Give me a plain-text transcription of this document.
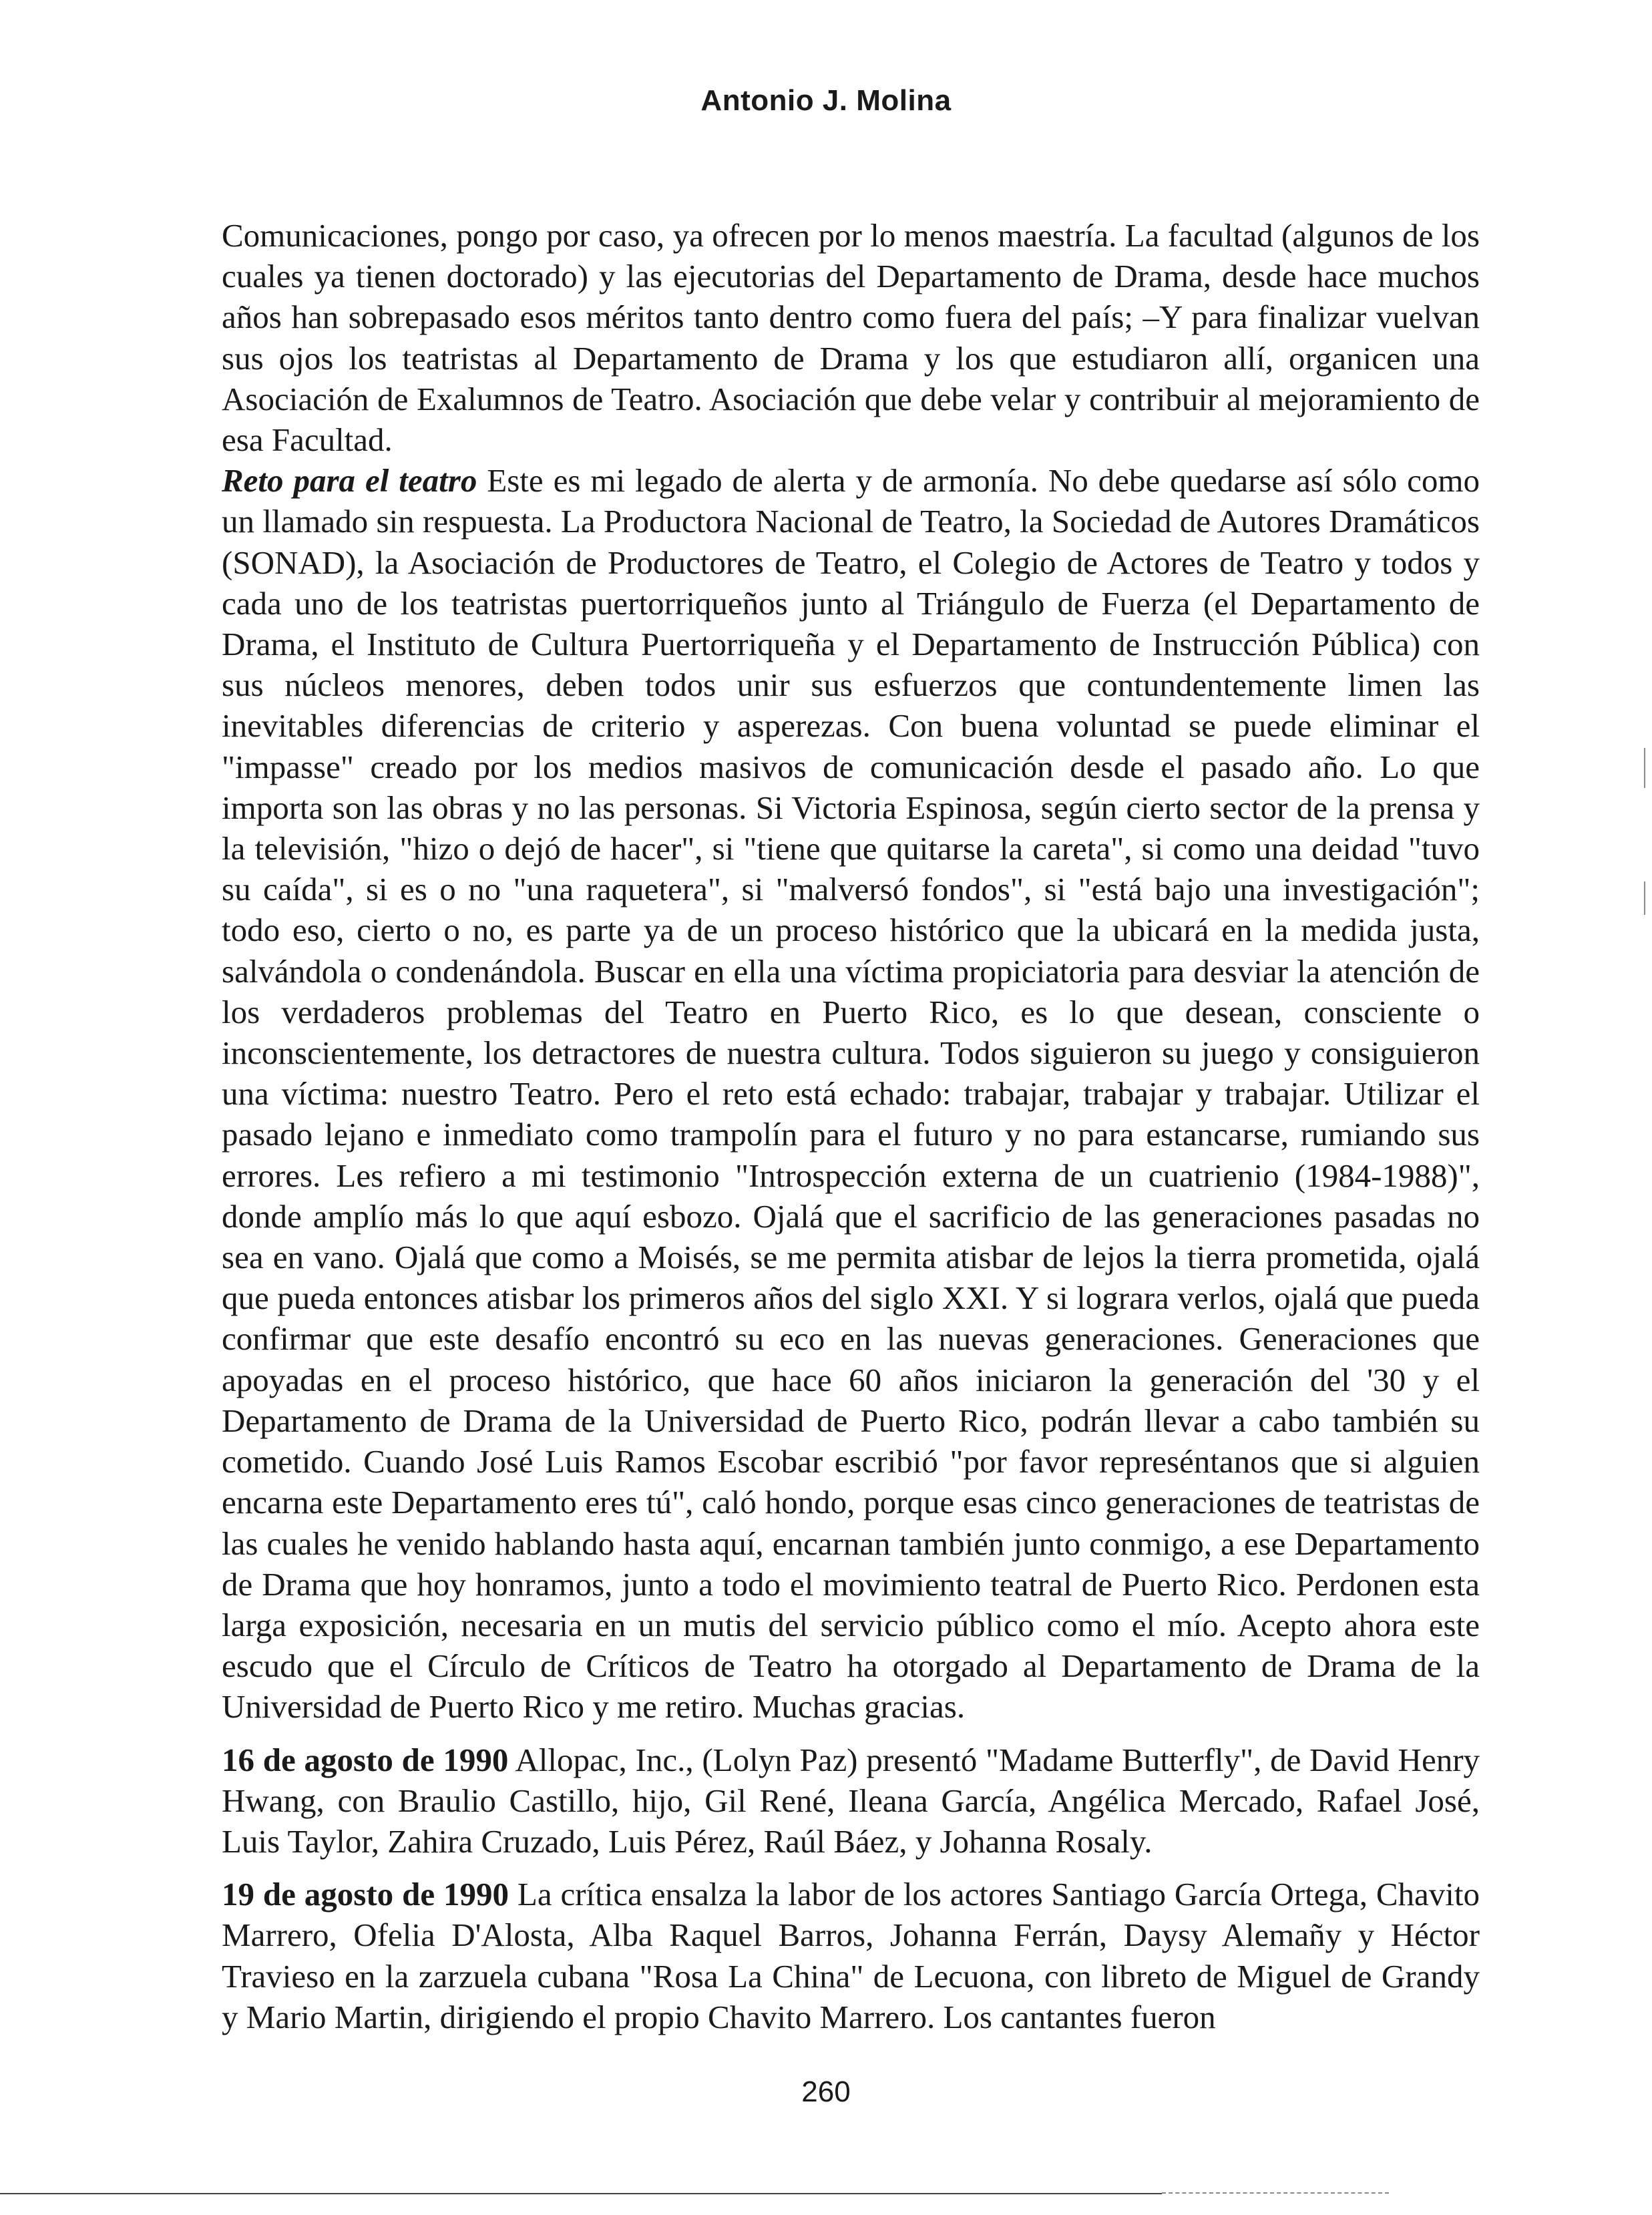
Antonio J. Molina

Comunicaciones, pongo por caso, ya ofrecen por lo menos maestría. La facultad (algunos de los cuales ya tienen doctorado) y las ejecutorias del Departamento de Drama, desde hace muchos años han sobrepasado esos méritos tanto dentro como fuera del país; –Y para finalizar vuelvan sus ojos los teatristas al Departamento de Drama y los que estudiaron allí, organicen una Asociación de Exalumnos de Teatro. Asociación que debe velar y contribuir al mejoramiento de esa Facultad.

Reto para el teatro Este es mi legado de alerta y de armonía. No debe quedarse así sólo como un llamado sin respuesta. La Productora Nacional de Teatro, la Sociedad de Autores Dramáticos (SONAD), la Asociación de Productores de Teatro, el Colegio de Actores de Teatro y todos y cada uno de los teatristas puertorriqueños junto al Triángulo de Fuerza (el Departamento de Drama, el Instituto de Cultura Puertorriqueña y el Departamento de Instrucción Pública) con sus núcleos menores, deben todos unir sus esfuerzos que contundentemente limen las inevitables diferencias de criterio y asperezas. Con buena voluntad se puede eliminar el "impasse" creado por los medios masivos de comunicación desde el pasado año. Lo que importa son las obras y no las personas. Si Victoria Espinosa, según cierto sector de la prensa y la televisión, "hizo o dejó de hacer", si "tiene que quitarse la careta", si como una deidad "tuvo su caída", si es o no "una raquetera", si "malversó fondos", si "está bajo una investigación"; todo eso, cierto o no, es parte ya de un proceso histórico que la ubicará en la medida justa, salvándola o condenándola. Buscar en ella una víctima propiciatoria para desviar la atención de los verdaderos problemas del Teatro en Puerto Rico, es lo que desean, consciente o inconscientemente, los detractores de nuestra cultura. Todos siguieron su juego y consiguieron una víctima: nuestro Teatro. Pero el reto está echado: trabajar, trabajar y trabajar. Utilizar el pasado lejano e inmediato como trampolín para el futuro y no para estancarse, rumiando sus errores. Les refiero a mi testimonio "Introspección externa de un cuatrienio (1984-1988)", donde amplío más lo que aquí esbozo. Ojalá que el sacrificio de las generaciones pasadas no sea en vano. Ojalá que como a Moisés, se me permita atisbar de lejos la tierra prometida, ojalá que pueda entonces atisbar los primeros años del siglo XXI. Y si lograra verlos, ojalá que pueda confirmar que este desafío encontró su eco en las nuevas generaciones. Generaciones que apoyadas en el proceso histórico, que hace 60 años iniciaron la generación del '30 y el Departamento de Drama de la Universidad de Puerto Rico, podrán llevar a cabo también su cometido. Cuando José Luis Ramos Escobar escribió "por favor represéntanos que si alguien encarna este Departamento eres tú", caló hondo, porque esas cinco generaciones de teatristas de las cuales he venido hablando hasta aquí, encarnan también junto conmigo, a ese Departamento de Drama que hoy honramos, junto a todo el movimiento teatral de Puerto Rico. Perdonen esta larga exposición, necesaria en un mutis del servicio público como el mío. Acepto ahora este escudo que el Círculo de Críticos de Teatro ha otorgado al Departamento de Drama de la Universidad de Puerto Rico y me retiro. Muchas gracias.

16 de agosto de 1990 Allopac, Inc., (Lolyn Paz) presentó "Madame Butterfly", de David Henry Hwang, con Braulio Castillo, hijo, Gil René, Ileana García, Angélica Mercado, Rafael José, Luis Taylor, Zahira Cruzado, Luis Pérez, Raúl Báez, y Johanna Rosaly.

19 de agosto de 1990 La crítica ensalza la labor de los actores Santiago García Ortega, Chavito Marrero, Ofelia D'Alosta, Alba Raquel Barros, Johanna Ferrán, Daysy Alemañy y Héctor Travieso en la zarzuela cubana "Rosa La China" de Lecuona, con libreto de Miguel de Grandy y Mario Martin, dirigiendo el propio Chavito Marrero. Los cantantes fueron

260
